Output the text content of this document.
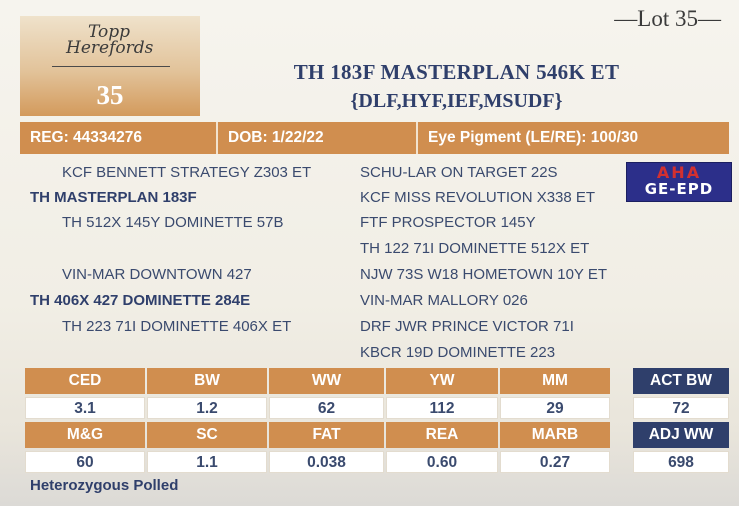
—Lot 35—
Topp
Herefords
35
TH 183F MASTERPLAN 546K ET
{DLF,HYF,IEF,MSUDF}
REG: 44334276	DOB: 1/22/22	Eye Pigment (LE/RE): 100/30
KCF BENNETT STRATEGY Z303 ET
TH MASTERPLAN 183F
TH 512X 145Y DOMINETTE 57B
VIN-MAR DOWNTOWN 427
TH 406X 427 DOMINETTE 284E
TH 223 71I DOMINETTE 406X ET
SCHU-LAR ON TARGET 22S
KCF MISS REVOLUTION X338 ET
FTF PROSPECTOR 145Y
TH 122 71I DOMINETTE 512X ET
NJW 73S W18 HOMETOWN 10Y ET
VIN-MAR MALLORY 026
DRF JWR PRINCE VICTOR 71I
KBCR 19D DOMINETTE 223
AHA
GE-EPD
CED	BW	WW	YW	MM
3.1	1.2	62	112	29
M&G	SC	FAT	REA	MARB
60	1.1	0.038	0.60	0.27
ACT BW
72
ADJ WW
698
Heterozygous Polled
